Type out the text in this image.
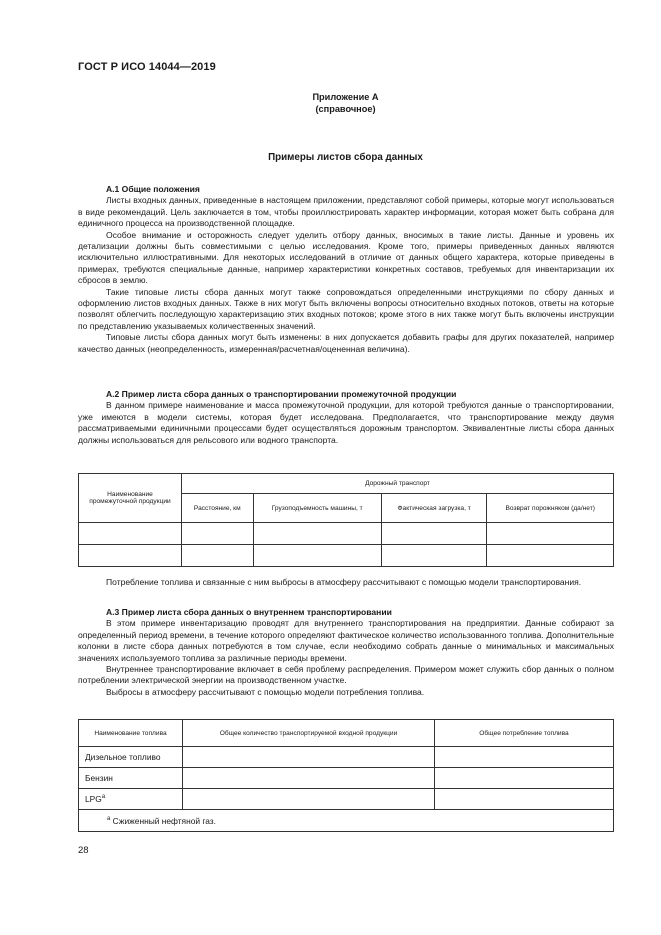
ГОСТ Р ИСО 14044—2019
Приложение А
(справочное)
Примеры листов сбора данных

А.1 Общие положения

Листы входных данных, приведенные в настоящем приложении, представляют собой примеры, которые могут использоваться в виде рекомендаций. Цель заключается в том, чтобы проиллюстрировать характер информации, которая может быть собрана для единичного процесса на производственной площадке.

Особое внимание и осторожность следует уделить отбору данных, вносимых в такие листы. Данные и уровень их детализации должны быть совместимыми с целью исследования. Кроме того, примеры приведенных данных являются исключительно иллюстративными. Для некоторых исследований в отличие от данных общего характера, которые приведены в примерах, требуются специальные данные, например характеристики конкретных составов, требуемых для инвентаризации их сбросов в землю.

Такие типовые листы сбора данных могут также сопровождаться определенными инструкциями по сбору данных и оформлению листов входных данных. Также в них могут быть включены вопросы относительно входных потоков, ответы на которые позволят облегчить последующую характеризацию этих входных потоков; кроме этого в них также могут быть включены инструкции по представлению указываемых количественных значений.

Типовые листы сбора данных могут быть изменены: в них допускается добавить графы для других показателей, например качество данных (неопределенность, измеренная/расчетная/оцененная величина).

А.2 Пример листа сбора данных о транспортировании промежуточной продукции

В данном примере наименование и масса промежуточной продукции, для которой требуются данные о транспортировании, уже имеются в модели системы, которая будет исследована. Предполагается, что транспортирование между двумя рассматриваемыми единичными процессами будет осуществляться дорожным транспортом. Эквивалентные листы сбора данных должны использоваться для рельсового или водного транспорта.

Наименование промежуточной продукции	Дорожный транспорт			
	Расстояние, км	Грузоподъемность машины, т	Фактическая загрузка, т	Возврат порожняком (да/нет)

Потребление топлива и связанные с ним выбросы в атмосферу рассчитывают с помощью модели транспортирования.

А.3 Пример листа сбора данных о внутреннем транспортировании

В этом примере инвентаризацию проводят для внутреннего транспортирования на предприятии. Данные собирают за определенный период времени, в течение которого определяют фактическое количество использованного топлива. Дополнительные колонки в листе сбора данных потребуются в том случае, если необходимо собрать данные о минимальных и максимальных значениях используемого топлива за различные периоды времени.

Внутреннее транспортирование включает в себя проблему распределения. Примером может служить сбор данных о полном потреблении электрической энергии на производственном участке.

Выбросы в атмосферу рассчитывают с помощью модели потребления топлива.

Наименование топлива	Общее количество транспортируемой входной продукции	Общее потребление топлива
Дизельное топливо		
Бензин		
LPG$^a$		
$^a$ Сжиженный нефтяной газ.		
28
